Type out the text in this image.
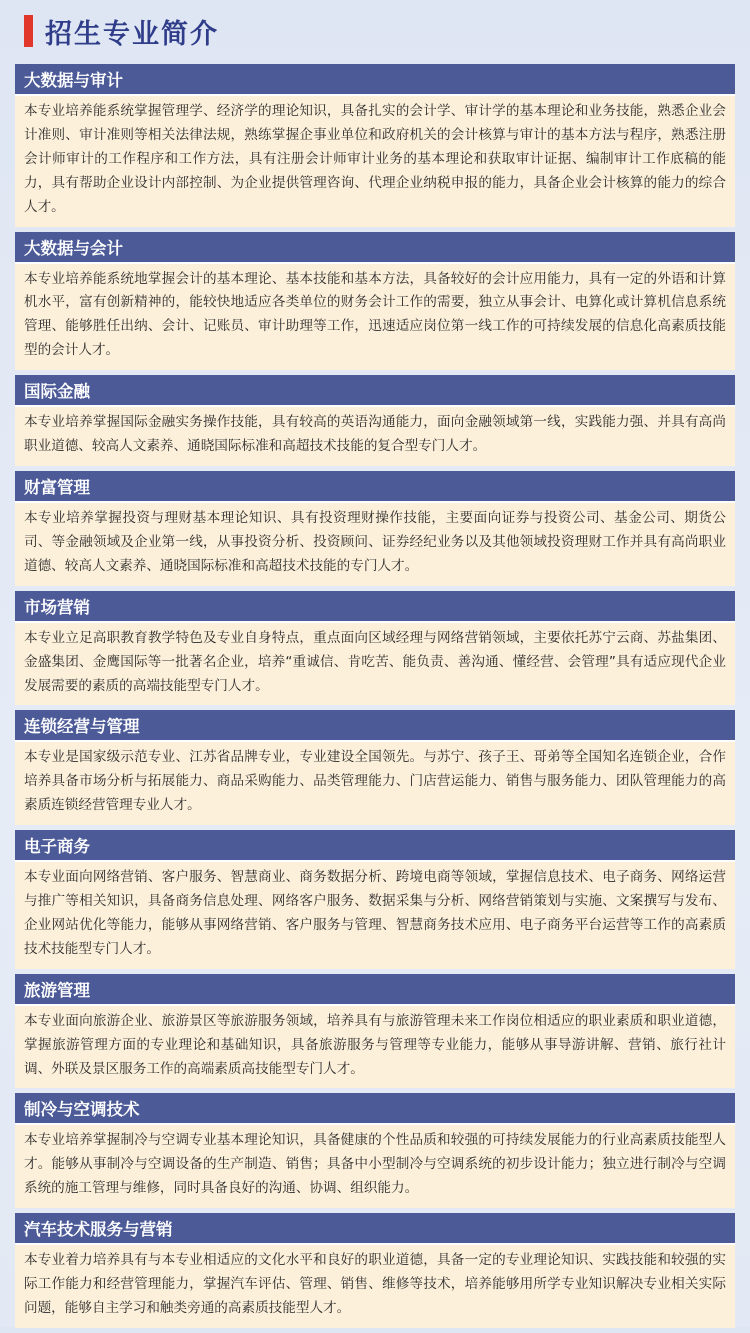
招生专业简介
大数据与审计
本专业培养能系统掌握管理学、经济学的理论知识，具备扎实的会计学、审计学的基本理论和业务技能，熟悉企业会计准则、审计准则等相关法律法规，熟练掌握企事业单位和政府机关的会计核算与审计的基本方法与程序，熟悉注册会计师审计的工作程序和工作方法，具有注册会计师审计业务的基本理论和获取审计证据、编制审计工作底稿的能力，具有帮助企业设计内部控制、为企业提供管理咨询、代理企业纳税申报的能力，具备企业会计核算的能力的综合人才。
大数据与会计
本专业培养能系统地掌握会计的基本理论、基本技能和基本方法，具备较好的会计应用能力，具有一定的外语和计算机水平，富有创新精神的，能较快地适应各类单位的财务会计工作的需要，独立从事会计、电算化或计算机信息系统管理、能够胜任出纳、会计、记账员、审计助理等工作，迅速适应岗位第一线工作的可持续发展的信息化高素质技能型的会计人才。
国际金融
本专业培养掌握国际金融实务操作技能，具有较高的英语沟通能力，面向金融领域第一线，实践能力强、并具有高尚职业道德、较高人文素养、通晓国际标准和高超技术技能的复合型专门人才。
财富管理
本专业培养掌握投资与理财基本理论知识、具有投资理财操作技能，主要面向证券与投资公司、基金公司、期货公司、等金融领域及企业第一线，从事投资分析、投资顾问、证券经纪业务以及其他领域投资理财工作并具有高尚职业道德、较高人文素养、通晓国际标准和高超技术技能的专门人才。
市场营销
本专业立足高职教育教学特色及专业自身特点，重点面向区域经理与网络营销领域，主要依托苏宁云商、苏盐集团、金盛集团、金鹰国际等一批著名企业，培养“重诚信、肯吃苦、能负责、善沟通、懂经营、会管理”具有适应现代企业发展需要的素质的高端技能型专门人才。
连锁经营与管理
本专业是国家级示范专业、江苏省品牌专业，专业建设全国领先。与苏宁、孩子王、哥弟等全国知名连锁企业，合作培养具备市场分析与拓展能力、商品采购能力、品类管理能力、门店营运能力、销售与服务能力、团队管理能力的高素质连锁经营管理专业人才。
电子商务
本专业面向网络营销、客户服务、智慧商业、商务数据分析、跨境电商等领域，掌握信息技术、电子商务、网络运营与推广等相关知识，具备商务信息处理、网络客户服务、数据采集与分析、网络营销策划与实施、文案撰写与发布、企业网站优化等能力，能够从事网络营销、客户服务与管理、智慧商务技术应用、电子商务平台运营等工作的高素质技术技能型专门人才。
旅游管理
本专业面向旅游企业、旅游景区等旅游服务领域，培养具有与旅游管理未来工作岗位相适应的职业素质和职业道德，掌握旅游管理方面的专业理论和基础知识，具备旅游服务与管理等专业能力，能够从事导游讲解、营销、旅行社计调、外联及景区服务工作的高端素质高技能型专门人才。
制冷与空调技术
本专业培养掌握制冷与空调专业基本理论知识，具备健康的个性品质和较强的可持续发展能力的行业高素质技能型人才。能够从事制冷与空调设备的生产制造、销售；具备中小型制冷与空调系统的初步设计能力；独立进行制冷与空调系统的施工管理与维修，同时具备良好的沟通、协调、组织能力。
汽车技术服务与营销
本专业着力培养具有与本专业相适应的文化水平和良好的职业道德，具备一定的专业理论知识、实践技能和较强的实际工作能力和经营管理能力，掌握汽车评估、管理、销售、维修等技术，培养能够用所学专业知识解决专业相关实际问题，能够自主学习和触类旁通的高素质技能型人才。
